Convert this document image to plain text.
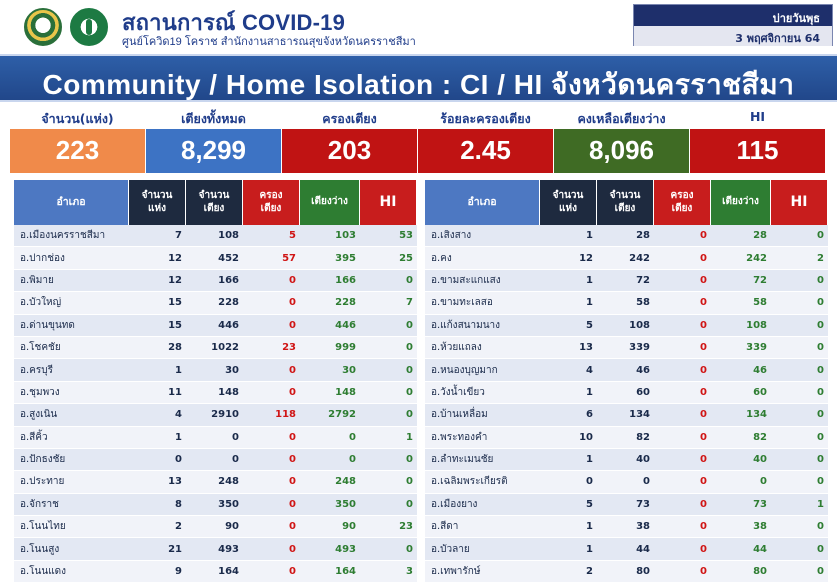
สถานการณ์ COVID-19
ศูนย์โควิด19 โคราช สำนักงานสาธารณสุขจังหวัดนครราชสีมา
บ่ายวันพุธ
3 พฤศจิกายน 64
Community / Home Isolation : CI / HI จังหวัดนครราชสีมา
จำนวน(แห่ง)
223
เตียงทั้งหมด
8,299
ครองเตียง
203
ร้อยละครองเตียง
2.45
คงเหลือเตียงว่าง
8,096
HI
115
อำเภอ
จำนวน
แห่ง
จำนวน
เตียง
ครอง
เตียง
เตียงว่าง	HI
อ.เมืองนครราชสีมา	7	108	5	103	53
อ.ปากช่อง	12	452	57	395	25
อ.พิมาย	12	166	0	166	0
อ.บัวใหญ่	15	228	0	228	7
อ.ด่านขุนทด	15	446	0	446	0
อ.โชคชัย	28	1022	23	999	0
อ.ครบุรี	1	30	0	30	0
อ.ชุมพวง	11	148	0	148	0
อ.สูงเนิน	4	2910	118	2792	0
อ.สีคิ้ว	1	0	0	0	1
อ.ปักธงชัย	0	0	0	0	0
อ.ประทาย	13	248	0	248	0
อ.จักราช	8	350	0	350	0
อ.โนนไทย	2	90	0	90	23
อ.โนนสูง	21	493	0	493	0
อ.โนนแดง	9	164	0	164	3
อำเภอ
จำนวน
แห่ง
จำนวน
เตียง
ครอง
เตียง
เตียงว่าง	HI
อ.เสิงสาง	1	28	0	28	0
อ.คง	12	242	0	242	2
อ.ขามสะแกแสง	1	72	0	72	0
อ.ขามทะเลสอ	1	58	0	58	0
อ.แก้งสนามนาง	5	108	0	108	0
อ.ห้วยแถลง	13	339	0	339	0
อ.หนองบุญมาก	4	46	0	46	0
อ.วังน้ำเขียว	1	60	0	60	0
อ.บ้านเหลื่อม	6	134	0	134	0
อ.พระทองคำ	10	82	0	82	0
อ.ลำทะเมนชัย	1	40	0	40	0
อ.เฉลิมพระเกียรติ	0	0	0	0	0
อ.เมืองยาง	5	73	0	73	1
อ.สีดา	1	38	0	38	0
อ.บัวลาย	1	44	0	44	0
อ.เทพารักษ์	2	80	0	80	0
